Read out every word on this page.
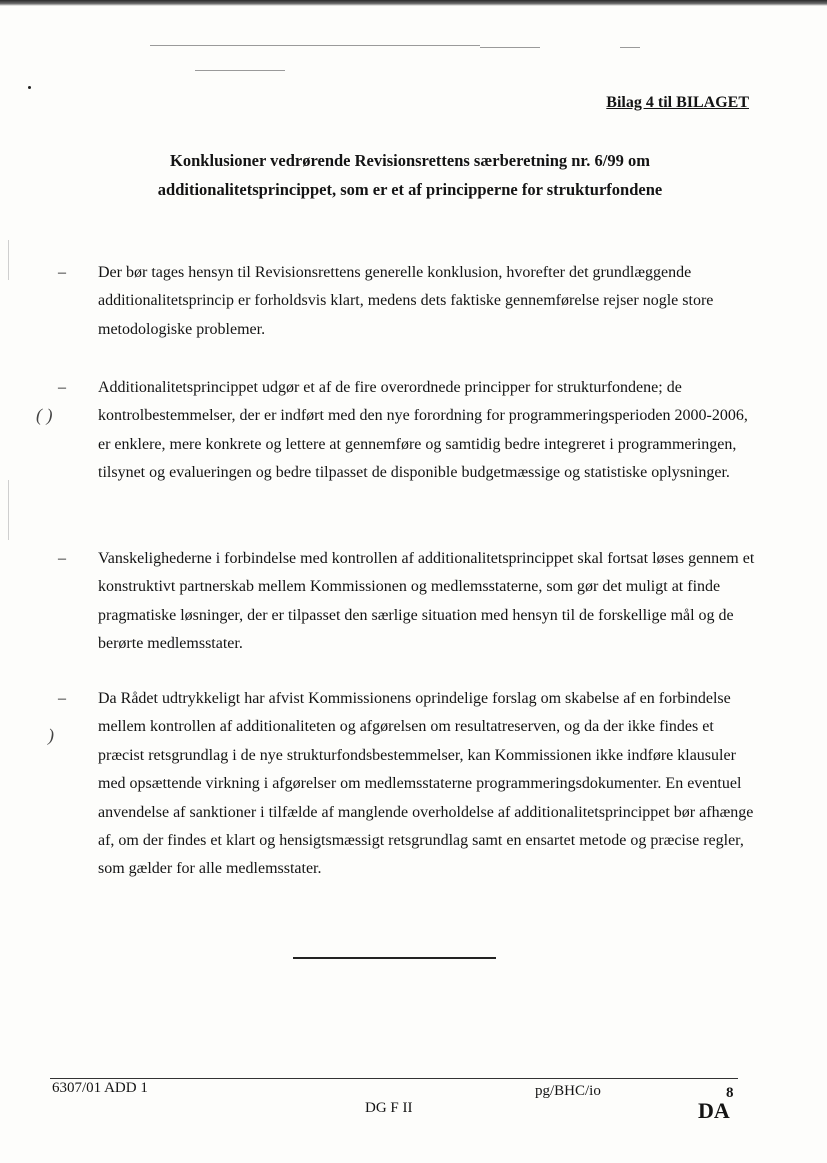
( )
)
Bilag 4 til BILAGET
Konklusioner vedrørende Revisionsrettens særberetning nr. 6/99 om
additionalitetsprincippet, som er et af principperne for strukturfondene
– Der bør tages hensyn til Revisionsrettens generelle konklusion, hvorefter det grundlæggende additionalitetsprincip er forholdsvis klart, medens dets faktiske gennemførelse rejser nogle store metodologiske problemer.
– Additionalitetsprincippet udgør et af de fire overordnede principper for strukturfondene; de kontrolbestemmelser, der er indført med den nye forordning for programmeringsperioden 2000-2006, er enklere, mere konkrete og lettere at gennemføre og samtidig bedre integreret i programmeringen, tilsynet og evalueringen og bedre tilpasset de disponible budgetmæssige og statistiske oplysninger.
– Vanskelighederne i forbindelse med kontrollen af additionalitetsprincippet skal fortsat løses gennem et konstruktivt partnerskab mellem Kommissionen og medlemsstaterne, som gør det muligt at finde pragmatiske løsninger, der er tilpasset den særlige situation med hensyn til de forskellige mål og de berørte medlemsstater.
– Da Rådet udtrykkeligt har afvist Kommissionens oprindelige forslag om skabelse af en forbindelse mellem kontrollen af additionaliteten og afgørelsen om resultatreserven, og da der ikke findes et præcist retsgrundlag i de nye strukturfondsbestemmelser, kan Kommissionen ikke indføre klausuler med opsættende virkning i afgørelser om medlemsstaterne programmeringsdokumenter. En eventuel anvendelse af sanktioner i tilfælde af manglende overholdelse af additionalitetsprincippet bør afhænge af, om der findes et klart og hensigtsmæssigt retsgrundlag samt en ensartet metode og præcise regler, som gælder for alle medlemsstater.
6307/01 ADD 1	pg/BHC/io	8
DG F II	DA
